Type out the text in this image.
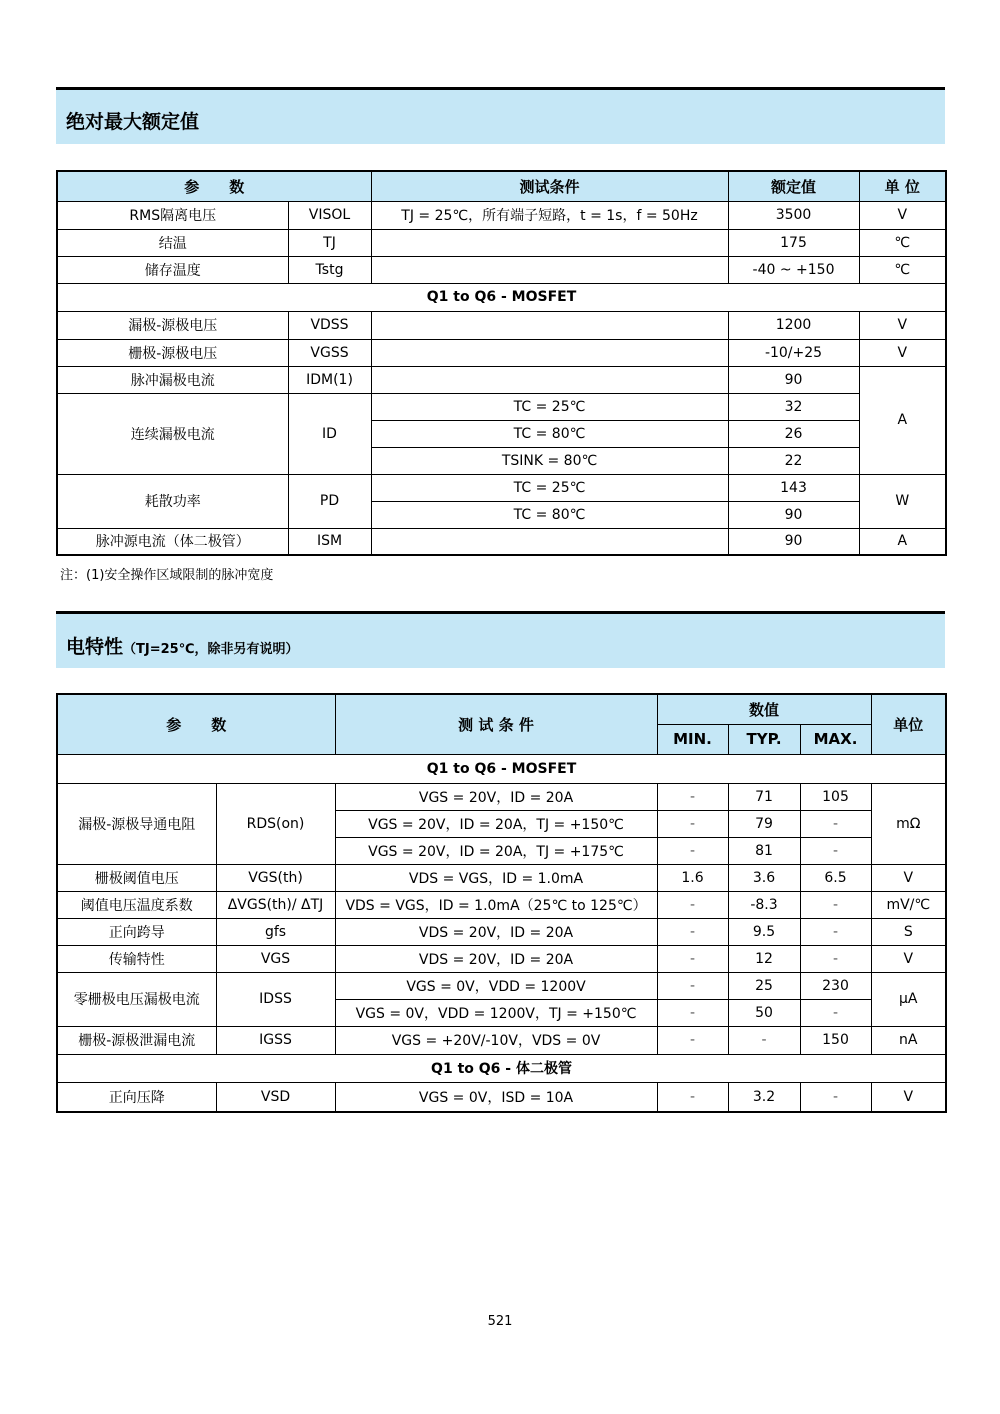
绝对最大额定值
参　　数		测试条件	额定值	单 位
RMS隔离电压	VISOL	TJ = 25℃，所有端子短路，t = 1s，f = 50Hz	3500	V
结温	TJ		175	℃
储存温度	Tstg		-40 ~ +150	℃
Q1 to Q6 - MOSFET				
漏极-源极电压	VDSS		1200	V
栅极-源极电压	VGSS		-10/+25	V
脉冲漏极电流	IDM(1)		90	A
连续漏极电流	ID	TC = 25℃	32	
		TC = 80℃	26	
		TSINK = 80℃	22	
耗散功率	PD	TC = 25℃	143	W
		TC = 80℃	90	
脉冲源电流（体二极管）	ISM		90	A
注：(1)安全操作区域限制的脉冲宽度
电特性（TJ=25℃，除非另有说明）
参　　数		测 试 条 件	数值			单位
			MIN.	TYP.	MAX.	
Q1 to Q6 - MOSFET						
漏极-源极导通电阻	RDS(on)	VGS = 20V，ID = 20A	-	71	105	mΩ
		VGS = 20V，ID = 20A，TJ = +150℃	-	79	-	
		VGS = 20V，ID = 20A，TJ = +175℃	-	81	-	
栅极阈值电压	VGS(th)	VDS = VGS，ID = 1.0mA	1.6	3.6	6.5	V
阈值电压温度系数	ΔVGS(th)/ ΔTJ	VDS = VGS，ID = 1.0mA（25℃ to 125℃）	-	-8.3	-	mV/℃
正向跨导	gfs	VDS = 20V，ID = 20A	-	9.5	-	S
传输特性	VGS	VDS = 20V，ID = 20A	-	12	-	V
零栅极电压漏极电流	IDSS	VGS = 0V，VDD = 1200V	-	25	230	μA
		VGS = 0V，VDD = 1200V，TJ = +150℃	-	50	-	
栅极-源极泄漏电流	IGSS	VGS = +20V/-10V，VDS = 0V	-	-	150	nA
Q1 to Q6 - 体二极管						
正向压降	VSD	VGS = 0V，ISD = 10A	-	3.2	-	V
521
